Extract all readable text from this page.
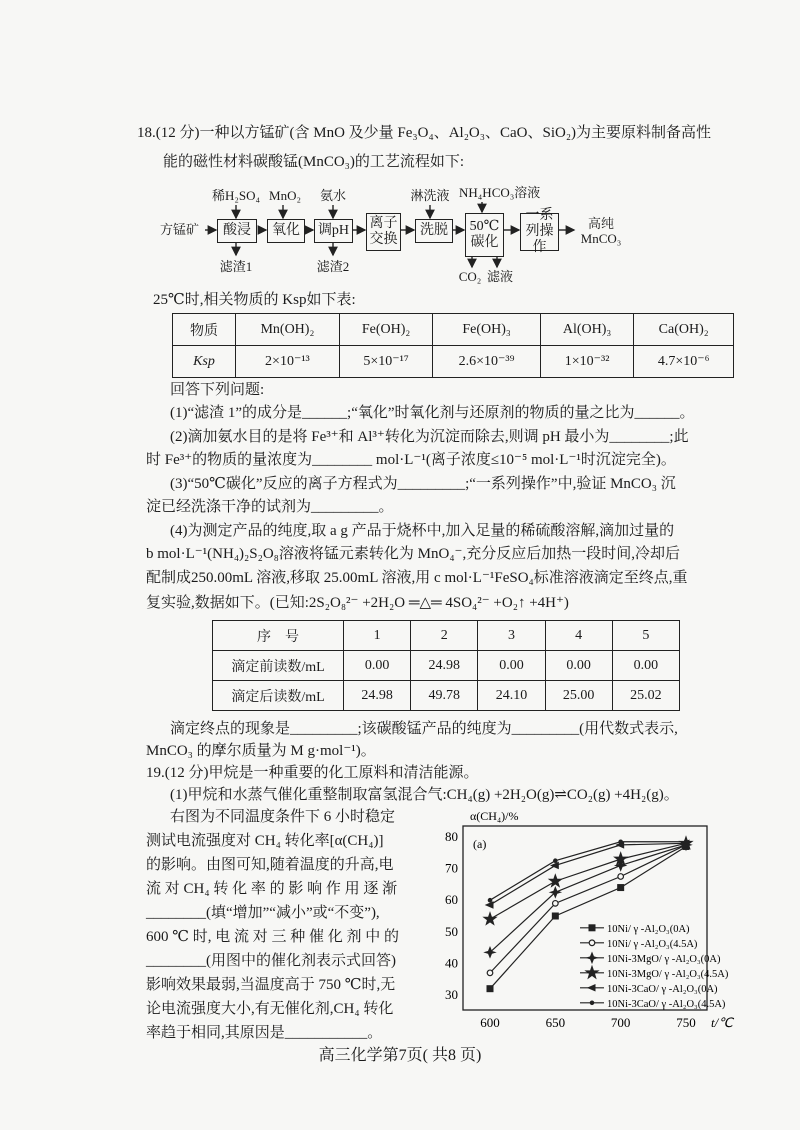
18.(12 分)一种以方锰矿(含 MnO 及少量 Fe₃O₄、Al₂O₃、CaO、SiO₂)为主要原料制备高性
能的磁性材料碳酸锰(MnCO₃)的工艺流程如下:
方锰矿	酸浸	氧化	调pH 离子交换
洗脱	50℃碳化
一系列操作
高纯MnCO₃
稀H₂SO₄ MnO₂ 氨水	淋洗液 NH₄HCO₃溶液
滤渣1	滤渣2
CO₂ 滤液
25℃时,相关物质的 Ksp如下表:
物质	Mn(OH)₂	Fe(OH)₂	Fe(OH)₃	Al(OH)₃	Ca(OH)₂
Ksp	2×10⁻¹³	5×10⁻¹⁷	2.6×10⁻³⁹	1×10⁻³²	4.7×10⁻⁶
回答下列问题:
(1)“滤渣 1”的成分是______;“氧化”时氧化剂与还原剂的物质的量之比为______。
(2)滴加氨水目的是将 Fe³⁺和 Al³⁺转化为沉淀而除去,则调 pH 最小为________;此
时 Fe³⁺的物质的量浓度为________ mol·L⁻¹(离子浓度≤10⁻⁵ mol·L⁻¹时沉淀完全)。
(3)“50℃碳化”反应的离子方程式为_________;“一系列操作”中,验证 MnCO₃ 沉
淀已经洗涤干净的试剂为_________。
(4)为测定产品的纯度,取 a g 产品于烧杯中,加入足量的稀硫酸溶解,滴加过量的
b mol·L⁻¹(NH₄)₂S₂O₈溶液将锰元素转化为 MnO₄⁻,充分反应后加热一段时间,冷却后
配制成250.00mL 溶液,移取 25.00mL 溶液,用 c mol·L⁻¹FeSO₄标准溶液滴定至终点,重
复实验,数据如下。(已知:2S₂O₈²⁻ +2H₂O ═△═ 4SO₄²⁻ +O₂↑ +4H⁺)
序　号	1	2	3	4	5
滴定前读数/mL	0.00	24.98	0.00	0.00	0.00
滴定后读数/mL	24.98	49.78	24.10	25.00	25.02
滴定终点的现象是_________;该碳酸锰产品的纯度为_________(用代数式表示,
MnCO₃ 的摩尔质量为 M g·mol⁻¹)。
19.(12 分)甲烷是一种重要的化工原料和清洁能源。
(1)甲烷和水蒸气催化重整制取富氢混合气:CH₄(g) +2H₂O(g)⇌CO₂(g) +4H₂(g)。
右图为不同温度条件下 6 小时稳定
测试电流强度对 CH₄ 转化率[α(CH₄)]
的影响。由图可知,随着温度的升高,电
流 对 CH₄ 转 化 率 的 影 响 作 用 逐 渐
________(填“增加”“减小”或“不变”),
600 ℃ 时, 电 流 对 三 种 催 化 剂 中 的
________(用图中的催化剂表示式回答)
影响效果最弱,当温度高于 750 ℃时,无
论电流强度大小,有无催化剂,CH₄ 转化
率趋于相同,其原因是___________。
α(CH₄)/%
(a)
30
40
50
60
70
80
600	650	700	750 t/℃
10Ni/ γ -Al₂O₃(0A)
10Ni/ γ -Al₂O₃(4.5A)
10Ni-3MgO/ γ -Al₂O₃(0A)
10Ni-3MgO/ γ -Al₂O₃(4.5A)
10Ni-3CaO/ γ -Al₂O₃(0A)
10Ni-3CaO/ γ -Al₂O₃(4.5A)
高三化学第7页( 共8 页)
